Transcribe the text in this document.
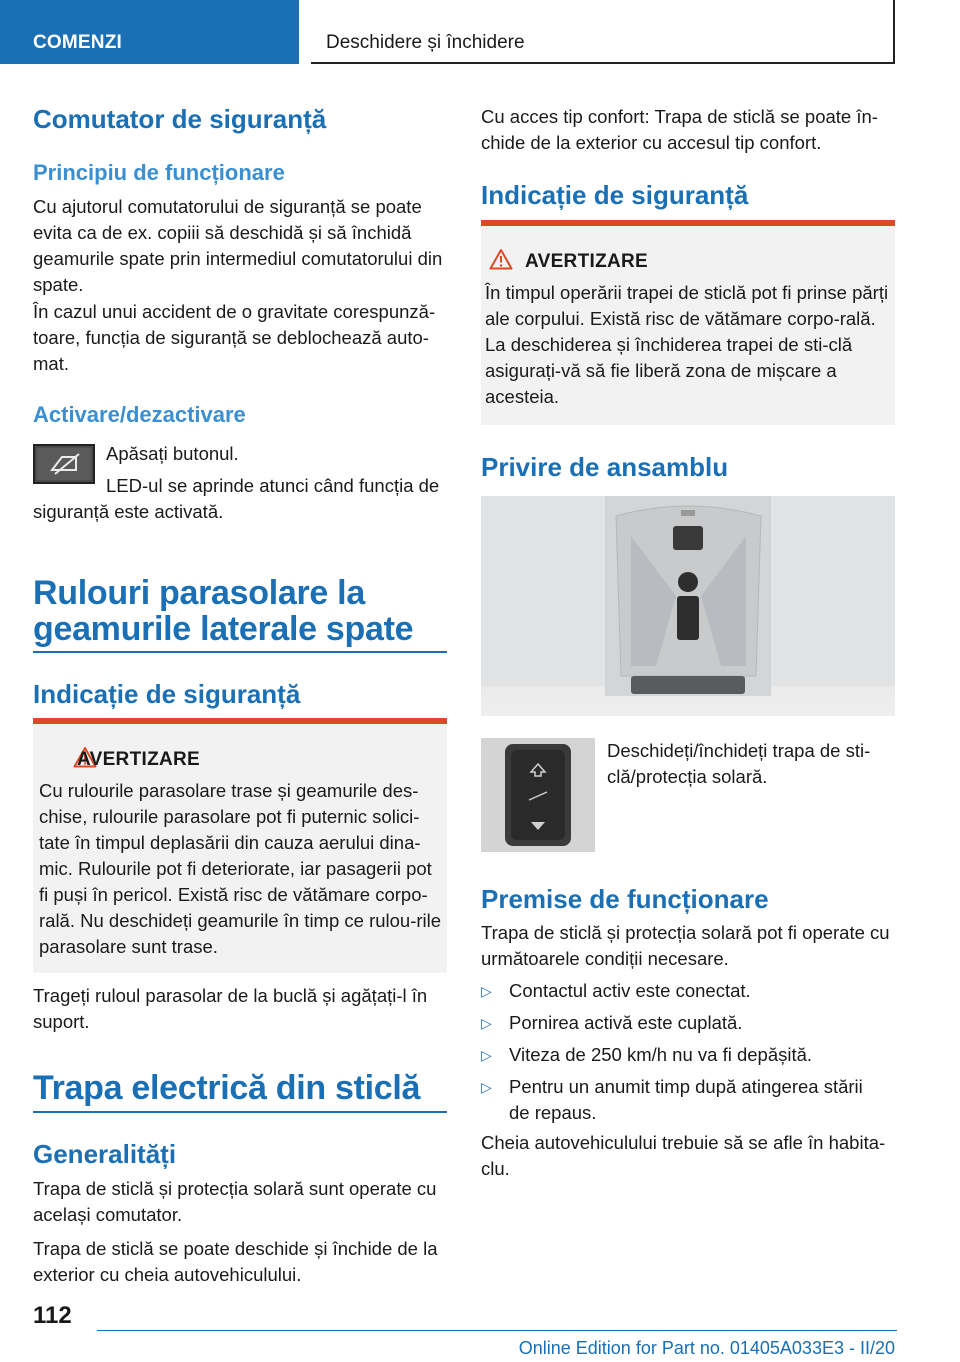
COMENZI	Deschidere și închidere
Comutator de siguranță
Principiu de funcționare

Cu ajutorul comutatorului de siguranță se poate evita ca de ex. copiii să deschidă și să închidă geamurile spate prin intermediul comutatorului din spate.

În cazul unui accident de o gravitate corespunză-toare, funcția de siguranță se deblochează auto-mat.

Activare/dezactivare

Apăsați butonul.

LED-ul se aprinde atunci când funcția de siguranță este activată.

Rulouri parasolare la geamurile laterale spate
Indicație de siguranță
AVERTIZARE

Cu rulourile parasolare trase și geamurile des-chise, rulourile parasolare pot fi puternic solici-tate în timpul deplasării din cauza aerului dina-mic. Rulourile pot fi deteriorate, iar pasagerii pot fi puși în pericol. Există risc de vătămare corpo-rală. Nu deschideți geamurile în timp ce rulou-rile parasolare sunt trase.

Trageți ruloul parasolar de la buclă și agățați-l în suport.

Trapa electrică din sticlă
Generalități

Trapa de sticlă și protecția solară sunt operate cu același comutator.

Trapa de sticlă se poate deschide și închide de la exterior cu cheia autovehiculului.

Cu acces tip confort: Trapa de sticlă se poate în-chide de la exterior cu accesul tip confort.

Indicație de siguranță
AVERTIZARE

În timpul operării trapei de sticlă pot fi prinse părți ale corpului. Există risc de vătămare corpo-rală. La deschiderea și închiderea trapei de sti-clă asigurați-vă să fie liberă zona de mișcare a acesteia.

Privire de ansamblu

Deschideți/închideți trapa de sti-clă/protecția solară.

Premise de funcționare

Trapa de sticlă și protecția solară pot fi operate cu următoarele condiții necesare.

▷ Contactul activ este conectat.
▷ Pornirea activă este cuplată.
▷ Viteza de 250 km/h nu va fi depășită.
▷ Pentru un anumit timp după atingerea stării de repaus.

Cheia autovehiculului trebuie să se afle în habita-clu.

112
Online Edition for Part no. 01405A033E3 - II/20
